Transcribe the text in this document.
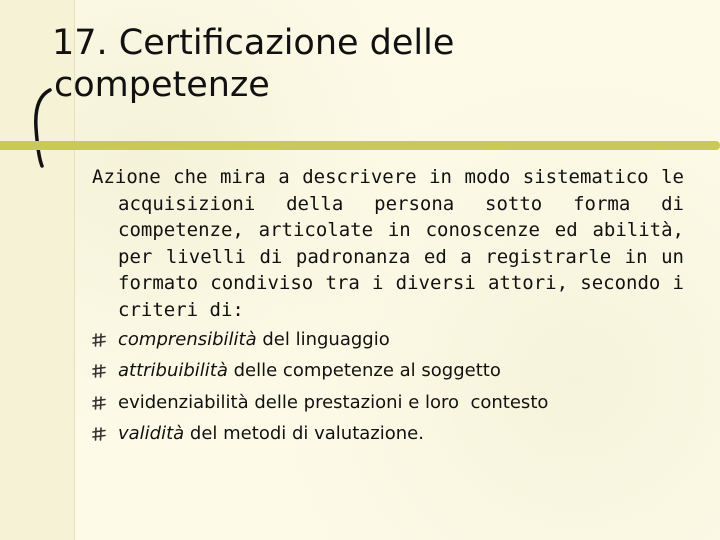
17. Certificazione delle
competenze

Azione che mira a descrivere in modo sistematico le acquisizioni della persona sotto forma di competenze, articolate in conoscenze ed abilità, per livelli di padronanza ed a registrarle in un formato condiviso tra i diversi attori, secondo i criteri di:

comprensibilità del linguaggio
attribuibilità delle competenze al soggetto
evidenziabilità delle prestazioni e loro  contesto
validità del metodi di valutazione.
